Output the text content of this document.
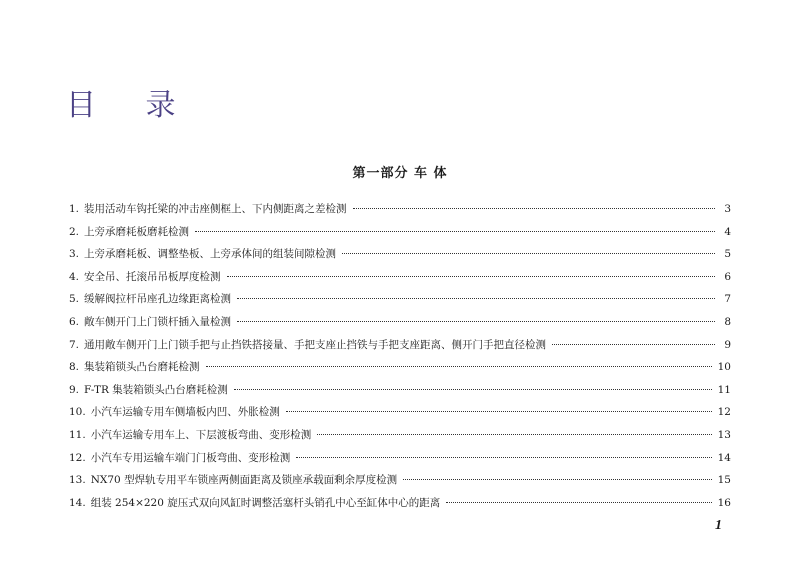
目 录
第一部分 车 体
1. 装用活动车钩托梁的冲击座侧框上、下内侧距离之差检测	3
2. 上旁承磨耗板磨耗检测	4
3. 上旁承磨耗板、调整垫板、上旁承体间的组装间隙检测	5
4. 安全吊、托滚吊吊板厚度检测	6
5. 缓解阀拉杆吊座孔边缘距离检测	7
6. 敞车侧开门上门锁杆插入量检测	8
7. 通用敞车侧开门上门锁手把与止挡铁搭接量、手把支座止挡铁与手把支座距离、侧开门手把直径检测	9
8. 集装箱锁头凸台磨耗检测	10
9. F-TR 集装箱锁头凸台磨耗检测	11
10. 小汽车运输专用车侧墙板内凹、外胀检测	12
11. 小汽车运输专用车上、下层渡板弯曲、变形检测	13
12. 小汽车专用运输车端门门板弯曲、变形检测	14
13. NX70 型焊轨专用平车锁座两侧面距离及锁座承载面剩余厚度检测	15
14. 组装 254×220 旋压式双向风缸时调整活塞杆头销孔中心至缸体中心的距离	16
1
